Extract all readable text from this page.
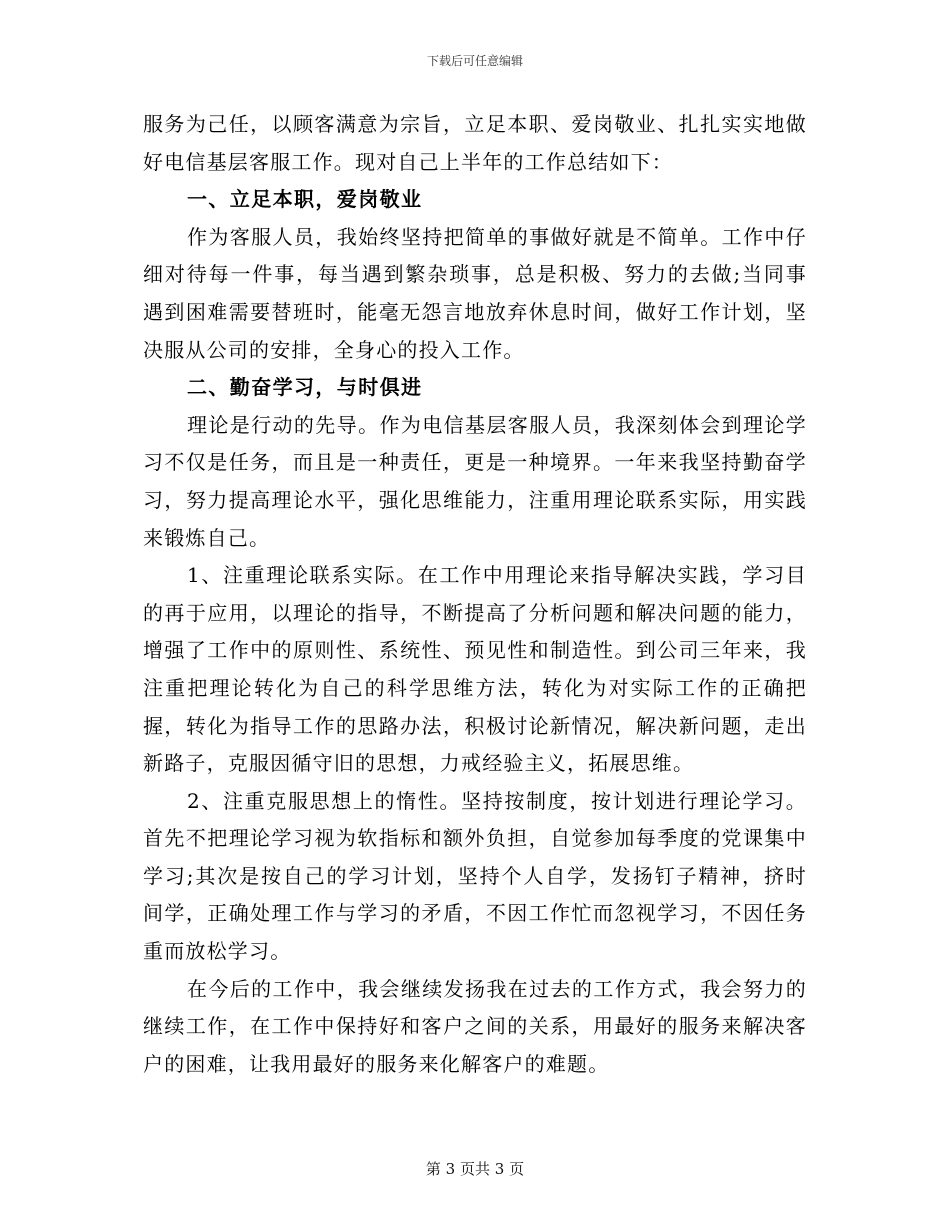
下载后可任意编辑

服务为己任，以顾客满意为宗旨，立足本职、爱岗敬业、扎扎实实地做好电信基层客服工作。现对自己上半年的工作总结如下：

一、立足本职，爱岗敬业

作为客服人员，我始终坚持把简单的事做好就是不简单。工作中仔细对待每一件事，每当遇到繁杂琐事，总是积极、努力的去做;当同事遇到困难需要替班时，能毫无怨言地放弃休息时间，做好工作计划，坚决服从公司的安排，全身心的投入工作。

二、勤奋学习，与时俱进

理论是行动的先导。作为电信基层客服人员，我深刻体会到理论学习不仅是任务，而且是一种责任，更是一种境界。一年来我坚持勤奋学习，努力提高理论水平，强化思维能力，注重用理论联系实际，用实践来锻炼自己。

1、注重理论联系实际。在工作中用理论来指导解决实践，学习目的再于应用，以理论的指导，不断提高了分析问题和解决问题的能力，增强了工作中的原则性、系统性、预见性和制造性。到公司三年来，我注重把理论转化为自己的科学思维方法，转化为对实际工作的正确把握，转化为指导工作的思路办法，积极讨论新情况，解决新问题，走出新路子，克服因循守旧的思想，力戒经验主义，拓展思维。

2、注重克服思想上的惰性。坚持按制度，按计划进行理论学习。首先不把理论学习视为软指标和额外负担，自觉参加每季度的党课集中学习;其次是按自己的学习计划，坚持个人自学，发扬钉子精神，挤时间学，正确处理工作与学习的矛盾，不因工作忙而忽视学习，不因任务重而放松学习。

在今后的工作中，我会继续发扬我在过去的工作方式，我会努力的继续工作，在工作中保持好和客户之间的关系，用最好的服务来解决客户的困难，让我用最好的服务来化解客户的难题。

第 3 页共 3 页
